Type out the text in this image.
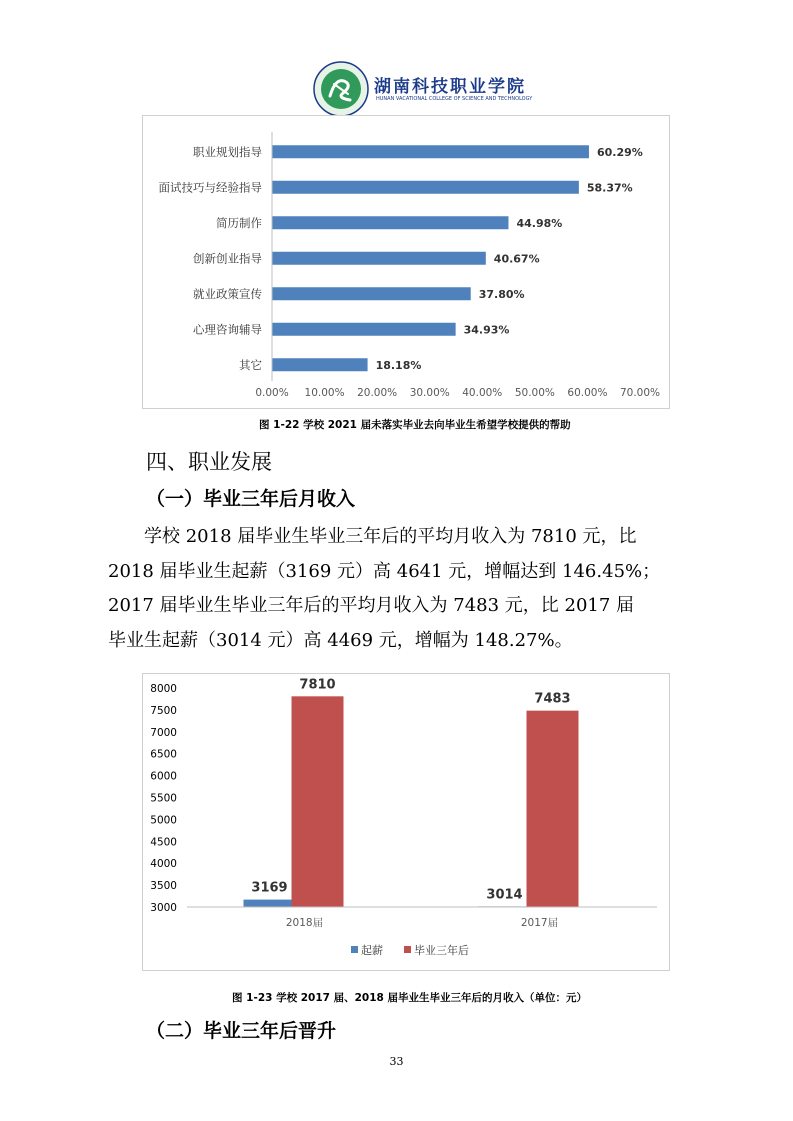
湖南科技职业学院
HUNAN VACATIONAL COLLEGE OF SCIENCE AND TECHNOLOGY
职业规划指导	60.29%
面试技巧与经验指导	58.37%
简历制作	44.98%
创新创业指导	40.67%
就业政策宣传	37.80%
心理咨询辅导	34.93%
其它	18.18%
0.00% 10.00% 20.00% 30.00% 40.00% 50.00% 60.00% 70.00%
图 1-22 学校 2021 届未落实毕业去向毕业生希望学校提供的帮助
四、职业发展
（一）毕业三年后月收入

学校 2018 届毕业生毕业三年后的平均月收入为 7810 元，比

2018 届毕业生起薪（3169 元）高 4641 元，增幅达到 146.45%；

2017 届毕业生毕业三年后的平均月收入为 7483 元，比 2017 届

毕业生起薪（3014 元）高 4469 元，增幅为 148.27%。

3000
3500
4000
4500
5000
5500
6000
6500
7000
7500
8000
3169
7810
2018届
3014
7483
2017届
起薪	毕业三年后
图 1-23 学校 2017 届、2018 届毕业生毕业三年后的月收入（单位：元）
（二）毕业三年后晋升
33
